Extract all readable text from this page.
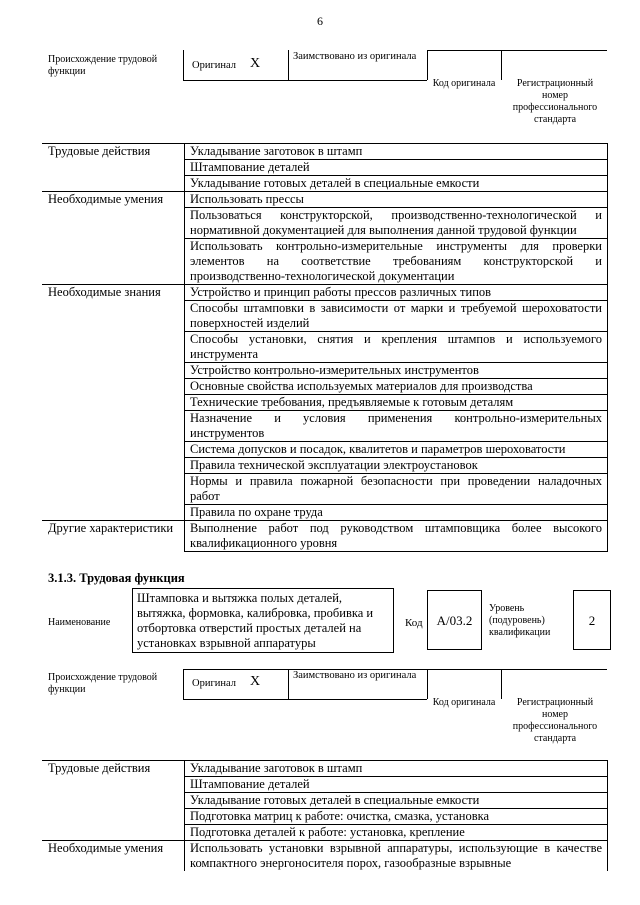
6
Происхождение трудовой функции
Оригинал X	Заимствовано из оригинала
Код оригинала	Регистрационный номер профессионального стандарта
Трудовые действия	Укладывание заготовок в штамп
	Штампование деталей
	Укладывание готовых деталей в специальные емкости
Необходимые умения	Использовать прессы
	Пользоваться конструкторской, производственно-технологической и нормативной документацией для выполнения данной трудовой функции
	Использовать контрольно-измерительные инструменты для проверки элементов на соответствие требованиям конструкторской и производственно-технологической документации
Необходимые знания	Устройство и принцип работы прессов различных типов
	Способы штамповки в зависимости от марки и требуемой шероховатости поверхностей изделий
	Способы установки, снятия и крепления штампов и используемого инструмента
	Устройство контрольно-измерительных инструментов
	Основные свойства используемых материалов для производства
	Технические требования, предъявляемые к готовым деталям
	Назначение и условия применения контрольно-измерительных инструментов
	Система допусков и посадок, квалитетов и параметров шероховатости
	Правила технической эксплуатации электроустановок
	Нормы и правила пожарной безопасности при проведении наладочных работ
	Правила по охране труда
Другие характеристики	Выполнение работ под руководством штамповщика более высокого квалификационного уровня
3.1.3. Трудовая функция
Наименование
Штамповка и вытяжка полых деталей, вытяжка, формовка, калибровка, пробивка и отбортовка отверстий простых деталей на установках взрывной аппаратуры
Код	A/03.2
Уровень (подуровень) квалификации
2
Происхождение трудовой функции
Оригинал X	Заимствовано из оригинала
Код оригинала	Регистрационный номер профессионального стандарта
Трудовые действия	Укладывание заготовок в штамп
	Штампование деталей
	Укладывание готовых деталей в специальные емкости
	Подготовка матриц к работе: очистка, смазка, установка
	Подготовка деталей к работе: установка, крепление
Необходимые умения	Использовать установки взрывной аппаратуры, использующие в качестве компактного энергоносителя порох, газообразные взрывные
